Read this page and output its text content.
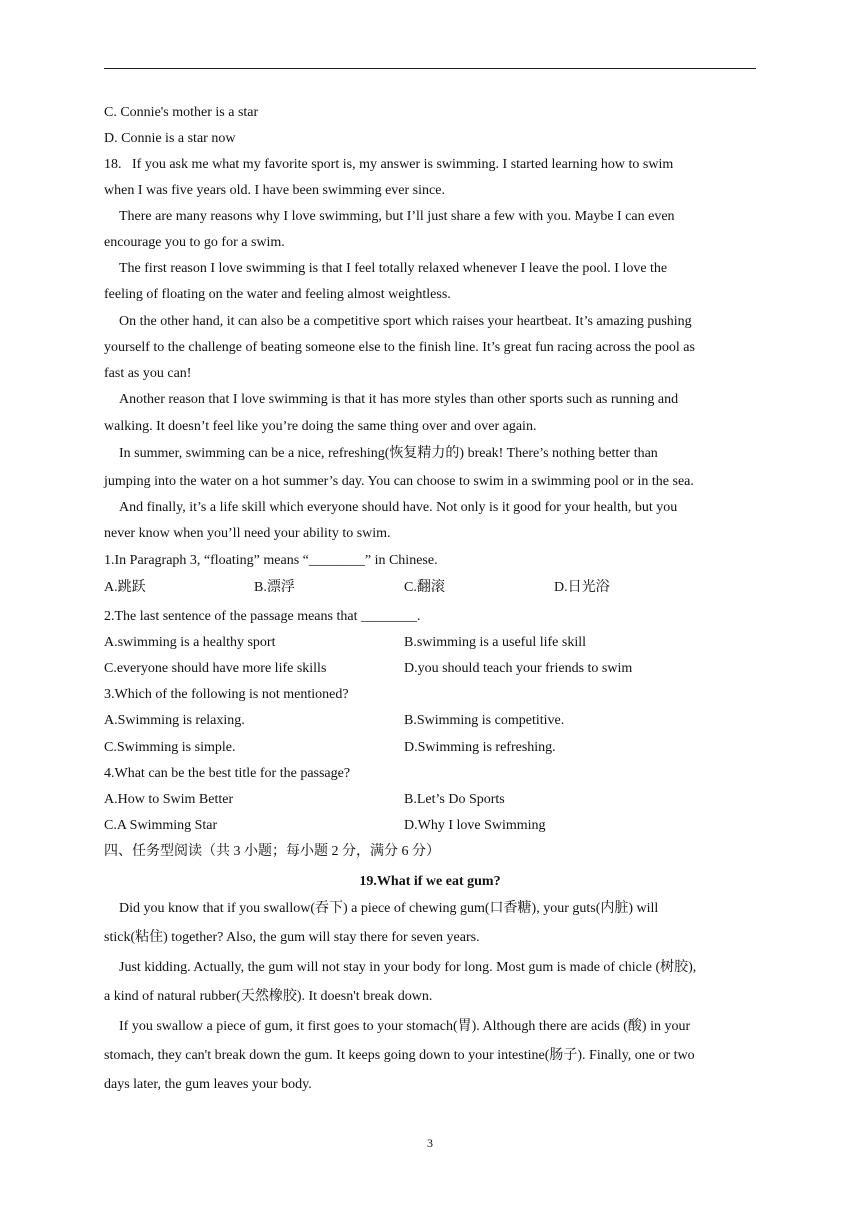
C. Connie's mother is a star
D. Connie is a star now
18.   If you ask me what my favorite sport is, my answer is swimming. I started learning how to swim
when I was five years old. I have been swimming ever since.
There are many reasons why I love swimming, but I’ll just share a few with you. Maybe I can even
encourage you to go for a swim.
The first reason I love swimming is that I feel totally relaxed whenever I leave the pool. I love the
feeling of floating on the water and feeling almost weightless.
On the other hand, it can also be a competitive sport which raises your heartbeat. It’s amazing pushing
yourself to the challenge of beating someone else to the finish line. It’s great fun racing across the pool as
fast as you can!
Another reason that I love swimming is that it has more styles than other sports such as running and
walking. It doesn’t feel like you’re doing the same thing over and over again.
In summer, swimming can be a nice, refreshing(恢复精力的) break! There’s nothing better than
jumping into the water on a hot summer’s day. You can choose to swim in a swimming pool or in the sea.
And finally, it’s a life skill which everyone should have. Not only is it good for your health, but you
never know when you’ll need your ability to swim.
1.In Paragraph 3, “floating” means “________” in Chinese.
A.跳跃	B.漂浮	C.翻滚	D.日光浴
2.The last sentence of the passage means that ________.
A.swimming is a healthy sport	B.swimming is a useful life skill
C.everyone should have more life skills	D.you should teach your friends to swim
3.Which of the following is not mentioned?
A.Swimming is relaxing.	B.Swimming is competitive.
C.Swimming is simple.	D.Swimming is refreshing.
4.What can be the best title for the passage?
A.How to Swim Better	B.Let’s Do Sports
C.A Swimming Star	D.Why I love Swimming
四、任务型阅读（共 3 小题；每小题 2 分，满分 6 分）
19.What if we eat gum?
Did you know that if you swallow(吞下) a piece of chewing gum(口香糖), your guts(内脏) will
stick(粘住) together? Also, the gum will stay there for seven years.
Just kidding. Actually, the gum will not stay in your body for long. Most gum is made of chicle (树胶),
a kind of natural rubber(天然橡胶). It doesn't break down.
If you swallow a piece of gum, it first goes to your stomach(胃). Although there are acids (酸) in your
stomach, they can't break down the gum. It keeps going down to your intestine(肠子). Finally, one or two
days later, the gum leaves your body.
3
